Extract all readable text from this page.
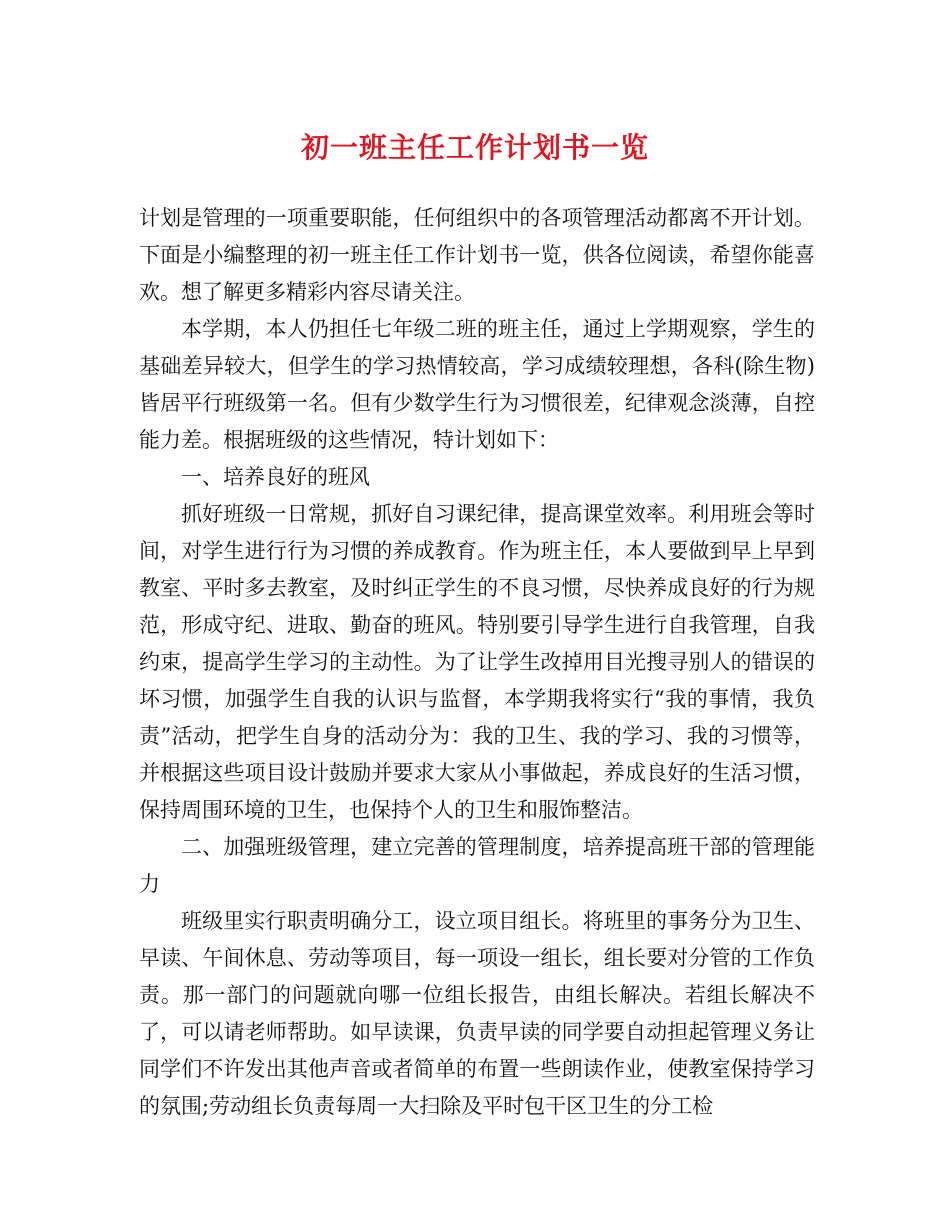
初一班主任工作计划书一览

计划是管理的一项重要职能，任何组织中的各项管理活动都离不开计划。下面是小编整理的初一班主任工作计划书一览，供各位阅读，希望你能喜欢。想了解更多精彩内容尽请关注。

本学期，本人仍担任七年级二班的班主任，通过上学期观察，学生的基础差异较大，但学生的学习热情较高，学习成绩较理想，各科(除生物)皆居平行班级第一名。但有少数学生行为习惯很差，纪律观念淡薄，自控能力差。根据班级的这些情况，特计划如下：

一、培养良好的班风

抓好班级一日常规，抓好自习课纪律，提高课堂效率。利用班会等时间，对学生进行行为习惯的养成教育。作为班主任，本人要做到早上早到教室、平时多去教室，及时纠正学生的不良习惯，尽快养成良好的行为规范，形成守纪、进取、勤奋的班风。特别要引导学生进行自我管理，自我约束，提高学生学习的主动性。为了让学生改掉用目光搜寻别人的错误的坏习惯，加强学生自我的认识与监督，本学期我将实行“我的事情，我负责”活动，把学生自身的活动分为：我的卫生、我的学习、我的习惯等，并根据这些项目设计鼓励并要求大家从小事做起，养成良好的生活习惯，保持周围环境的卫生，也保持个人的卫生和服饰整洁。

二、加强班级管理，建立完善的管理制度，培养提高班干部的管理能力

班级里实行职责明确分工，设立项目组长。将班里的事务分为卫生、早读、午间休息、劳动等项目，每一项设一组长，组长要对分管的工作负责。那一部门的问题就向哪一位组长报告，由组长解决。若组长解决不了，可以请老师帮助。如早读课，负责早读的同学要自动担起管理义务让同学们不许发出其他声音或者简单的布置一些朗读作业，使教室保持学习的氛围;劳动组长负责每周一大扫除及平时包干区卫生的分工检
